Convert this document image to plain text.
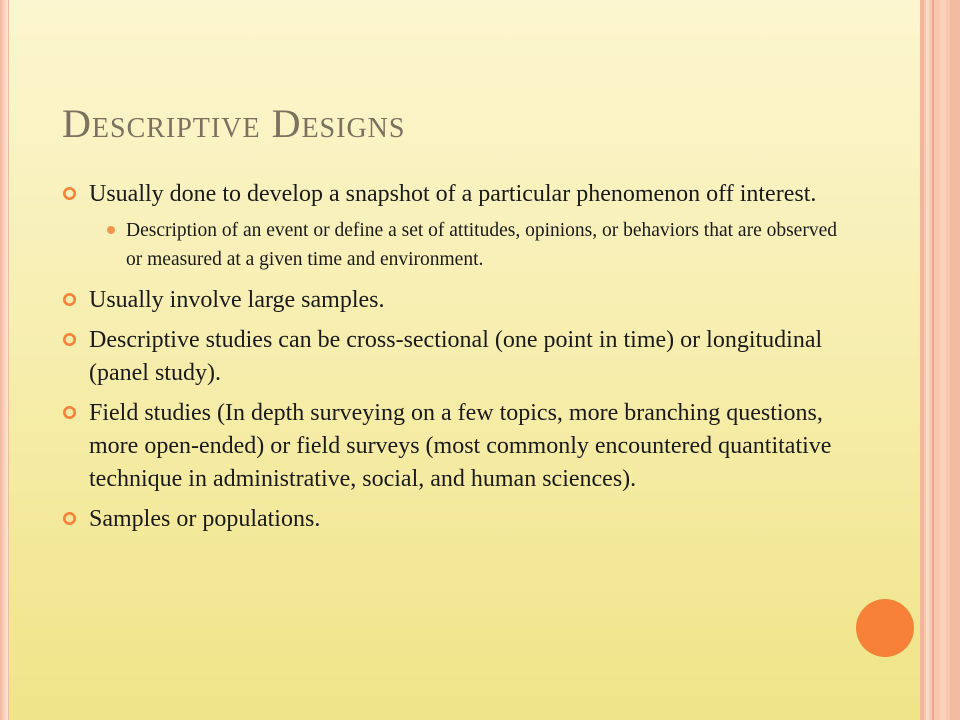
Descriptive Designs
Usually done to develop a snapshot of a particular phenomenon off interest.
Description of an event or define a set of attitudes, opinions, or behaviors that are observed or measured at a given time and environment.
Usually involve large samples.
Descriptive studies can be cross-sectional (one point in time) or longitudinal (panel study).
Field studies (In depth surveying on a few topics, more branching questions, more open-ended) or field surveys (most commonly encountered quantitative technique in administrative, social, and human sciences).
Samples or populations.
